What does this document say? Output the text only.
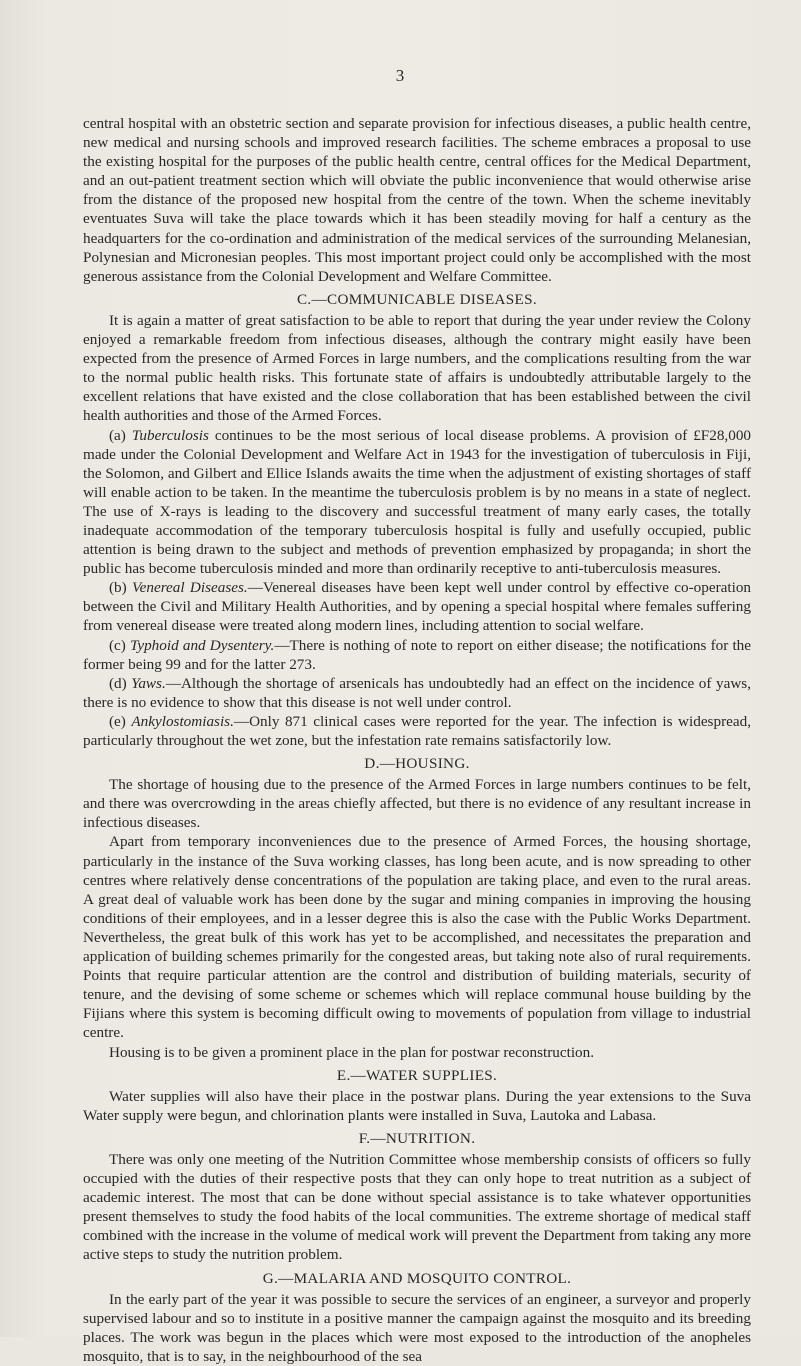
3

central hospital with an obstetric section and separate provision for infectious diseases, a public health centre, new medical and nursing schools and improved research facilities. The scheme embraces a proposal to use the existing hospital for the purposes of the public health centre, central offices for the Medical Department, and an out-patient treatment section which will obviate the public inconvenience that would otherwise arise from the distance of the proposed new hospital from the centre of the town. When the scheme inevitably eventuates Suva will take the place towards which it has been steadily moving for half a century as the headquarters for the co-ordination and administration of the medical services of the surrounding Melanesian, Polynesian and Micronesian peoples. This most important project could only be accomplished with the most generous assistance from the Colonial Development and Welfare Committee.

C.—COMMUNICABLE DISEASES.

It is again a matter of great satisfaction to be able to report that during the year under review the Colony enjoyed a remarkable freedom from infectious diseases, although the contrary might easily have been expected from the presence of Armed Forces in large numbers, and the complications resulting from the war to the normal public health risks. This fortunate state of affairs is undoubtedly attributable largely to the excellent relations that have existed and the close collaboration that has been established between the civil health authorities and those of the Armed Forces.

(a) Tuberculosis continues to be the most serious of local disease problems. A provision of £F28,000 made under the Colonial Development and Welfare Act in 1943 for the investigation of tuberculosis in Fiji, the Solomon, and Gilbert and Ellice Islands awaits the time when the adjustment of existing shortages of staff will enable action to be taken. In the meantime the tuberculosis problem is by no means in a state of neglect. The use of X-rays is leading to the discovery and successful treatment of many early cases, the totally inadequate accommodation of the temporary tuberculosis hospital is fully and usefully occupied, public attention is being drawn to the subject and methods of prevention emphasized by propaganda; in short the public has become tuberculosis minded and more than ordinarily receptive to anti-tuberculosis measures.

(b) Venereal Diseases.—Venereal diseases have been kept well under control by effective co-operation between the Civil and Military Health Authorities, and by opening a special hospital where females suffering from venereal disease were treated along modern lines, including attention to social welfare.

(c) Typhoid and Dysentery.—There is nothing of note to report on either disease; the notifications for the former being 99 and for the latter 273.

(d) Yaws.—Although the shortage of arsenicals has undoubtedly had an effect on the incidence of yaws, there is no evidence to show that this disease is not well under control.

(e) Ankylostomiasis.—Only 871 clinical cases were reported for the year. The infection is widespread, particularly throughout the wet zone, but the infestation rate remains satisfactorily low.

D.—HOUSING.

The shortage of housing due to the presence of the Armed Forces in large numbers continues to be felt, and there was overcrowding in the areas chiefly affected, but there is no evidence of any resultant increase in infectious diseases.

Apart from temporary inconveniences due to the presence of Armed Forces, the housing shortage, particularly in the instance of the Suva working classes, has long been acute, and is now spreading to other centres where relatively dense concentrations of the population are taking place, and even to the rural areas. A great deal of valuable work has been done by the sugar and mining companies in improving the housing conditions of their employees, and in a lesser degree this is also the case with the Public Works Department. Nevertheless, the great bulk of this work has yet to be accomplished, and necessitates the preparation and application of building schemes primarily for the congested areas, but taking note also of rural requirements. Points that require particular attention are the control and distribution of building materials, security of tenure, and the devising of some scheme or schemes which will replace communal house building by the Fijians where this system is becoming difficult owing to movements of population from village to industrial centre.

Housing is to be given a prominent place in the plan for postwar reconstruction.

E.—WATER SUPPLIES.

Water supplies will also have their place in the postwar plans. During the year extensions to the Suva Water supply were begun, and chlorination plants were installed in Suva, Lautoka and Labasa.

F.—NUTRITION.

There was only one meeting of the Nutrition Committee whose membership consists of officers so fully occupied with the duties of their respective posts that they can only hope to treat nutrition as a subject of academic interest. The most that can be done without special assistance is to take whatever opportunities present themselves to study the food habits of the local communities. The extreme shortage of medical staff combined with the increase in the volume of medical work will prevent the Department from taking any more active steps to study the nutrition problem.

G.—MALARIA AND MOSQUITO CONTROL.

In the early part of the year it was possible to secure the services of an engineer, a surveyor and properly supervised labour and so to institute in a positive manner the campaign against the mosquito and its breeding places. The work was begun in the places which were most exposed to the introduction of the anopheles mosquito, that is to say, in the neighbourhood of the sea
